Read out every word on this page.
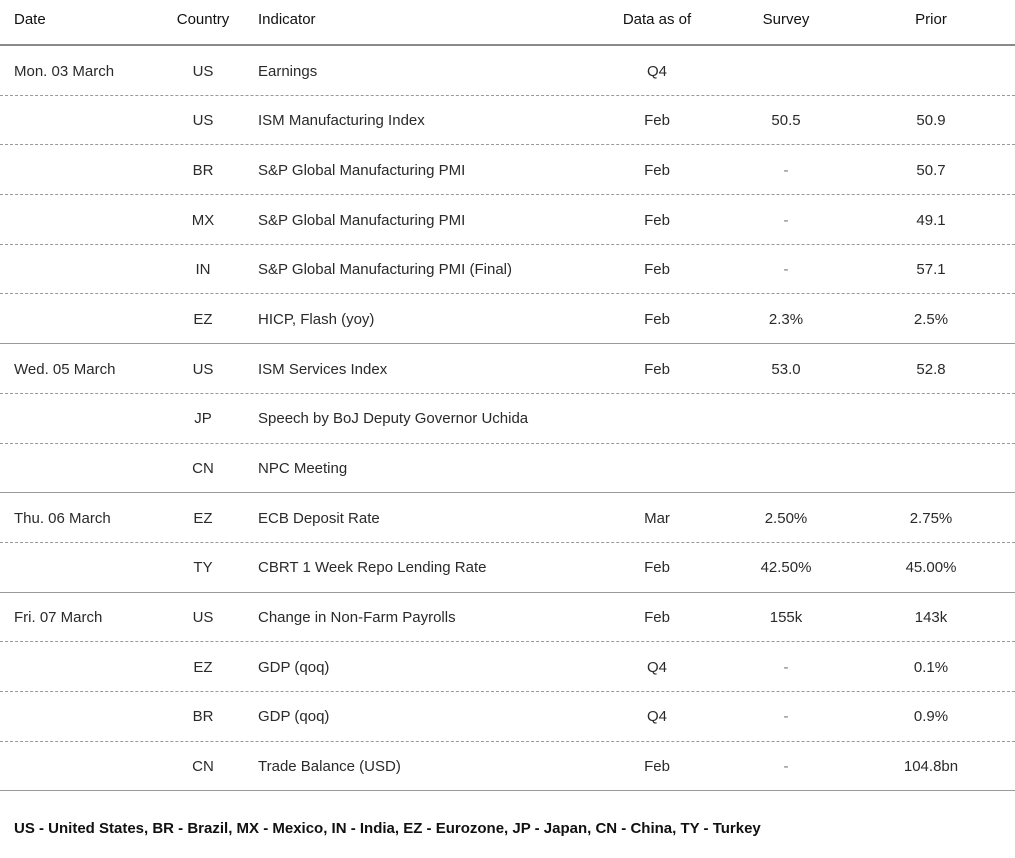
Date	Country	Indicator	Data as of	Survey	Prior
Mon. 03 March	US	Earnings	Q4
US	ISM Manufacturing Index	Feb	50.5	50.9
BR	S&P Global Manufacturing PMI	Feb	-	50.7
MX	S&P Global Manufacturing PMI	Feb	-	49.1
IN	S&P Global Manufacturing PMI (Final)	Feb	-	57.1
EZ	HICP, Flash (yoy)	Feb	2.3%	2.5%
Wed. 05 March	US	ISM Services Index	Feb	53.0	52.8
JP	Speech by BoJ Deputy Governor Uchida
CN	NPC Meeting
Thu. 06 March	EZ	ECB Deposit Rate	Mar	2.50%	2.75%
TY	CBRT 1 Week Repo Lending Rate	Feb	42.50%	45.00%
Fri. 07 March	US	Change in Non-Farm Payrolls	Feb	155k	143k
EZ	GDP (qoq)	Q4	-	0.1%
BR	GDP (qoq)	Q4	-	0.9%
CN	Trade Balance (USD)	Feb	-	104.8bn
US - United States, BR - Brazil, MX - Mexico, IN - India, EZ - Eurozone, JP - Japan, CN - China, TY - Turkey
